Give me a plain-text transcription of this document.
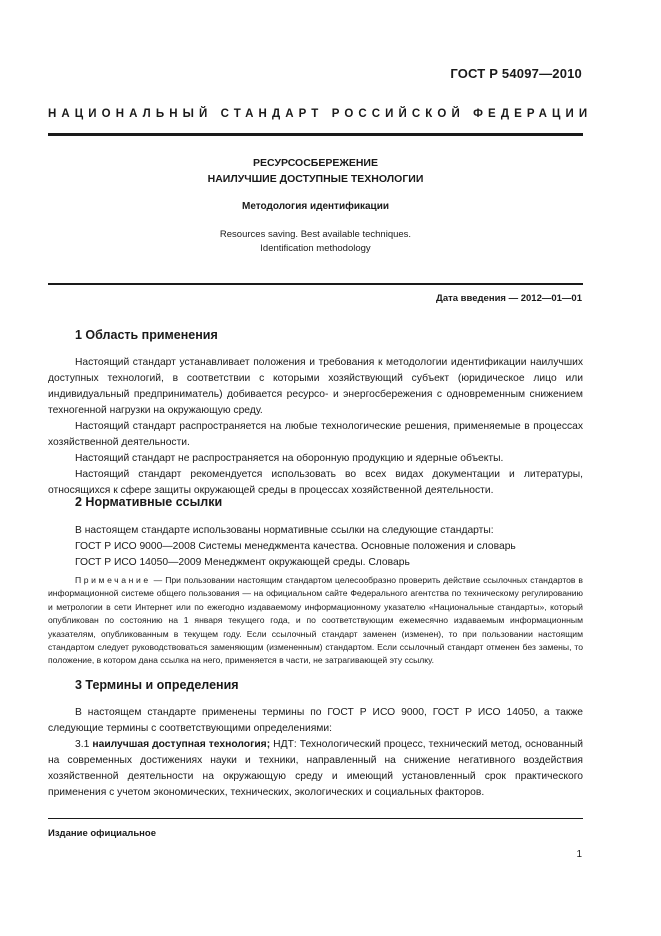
ГОСТ Р 54097—2010
НАЦИОНАЛЬНЫЙ СТАНДАРТ РОССИЙСКОЙ ФЕДЕРАЦИИ
РЕСУРСОСБЕРЕЖЕНИЕ
НАИЛУЧШИЕ ДОСТУПНЫЕ ТЕХНОЛОГИИ
Методология идентификации
Resources saving. Best available techniques.
Identification methodology
Дата введения — 2012—01—01
1 Область применения

Настоящий стандарт устанавливает положения и требования к методологии идентификации наилучших доступных технологий, в соответствии с которыми хозяйствующий субъект (юридическое лицо или индивидуальный предприниматель) добивается ресурсо- и энергосбережения с одновременным снижением техногенной нагрузки на окружающую среду.

Настоящий стандарт распространяется на любые технологические решения, применяемые в процессах хозяйственной деятельности.

Настоящий стандарт не распространяется на оборонную продукцию и ядерные объекты.

Настоящий стандарт рекомендуется использовать во всех видах документации и литературы, относящихся к сфере защиты окружающей среды в процессах хозяйственной деятельности.

2 Нормативные ссылки

В настоящем стандарте использованы нормативные ссылки на следующие стандарты:

ГОСТ Р ИСО 9000—2008 Системы менеджмента качества. Основные положения и словарь

ГОСТ Р ИСО 14050—2009 Менеджмент окружающей среды. Словарь

Примечание — При пользовании настоящим стандартом целесообразно проверить действие ссылочных стандартов в информационной системе общего пользования — на официальном сайте Федерального агентства по техническому регулированию и метрологии в сети Интернет или по ежегодно издаваемому информационному указателю «Национальные стандарты», который опубликован по состоянию на 1 января текущего года, и по соответствующим ежемесячно издаваемым информационным указателям, опубликованным в текущем году. Если ссылочный стандарт заменен (изменен), то при пользовании настоящим стандартом следует руководствоваться заменяющим (измененным) стандартом. Если ссылочный стандарт отменен без замены, то положение, в котором дана ссылка на него, применяется в части, не затрагивающей эту ссылку.
3 Термины и определения

В настоящем стандарте применены термины по ГОСТ Р ИСО 9000, ГОСТ Р ИСО 14050, а также следующие термины с соответствующими определениями:

3.1 наилучшая доступная технология; НДТ: Технологический процесс, технический метод, основанный на современных достижениях науки и техники, направленный на снижение негативного воздействия хозяйственной деятельности на окружающую среду и имеющий установленный срок практического применения с учетом экономических, технических, экологических и социальных факторов.

Издание официальное
1
